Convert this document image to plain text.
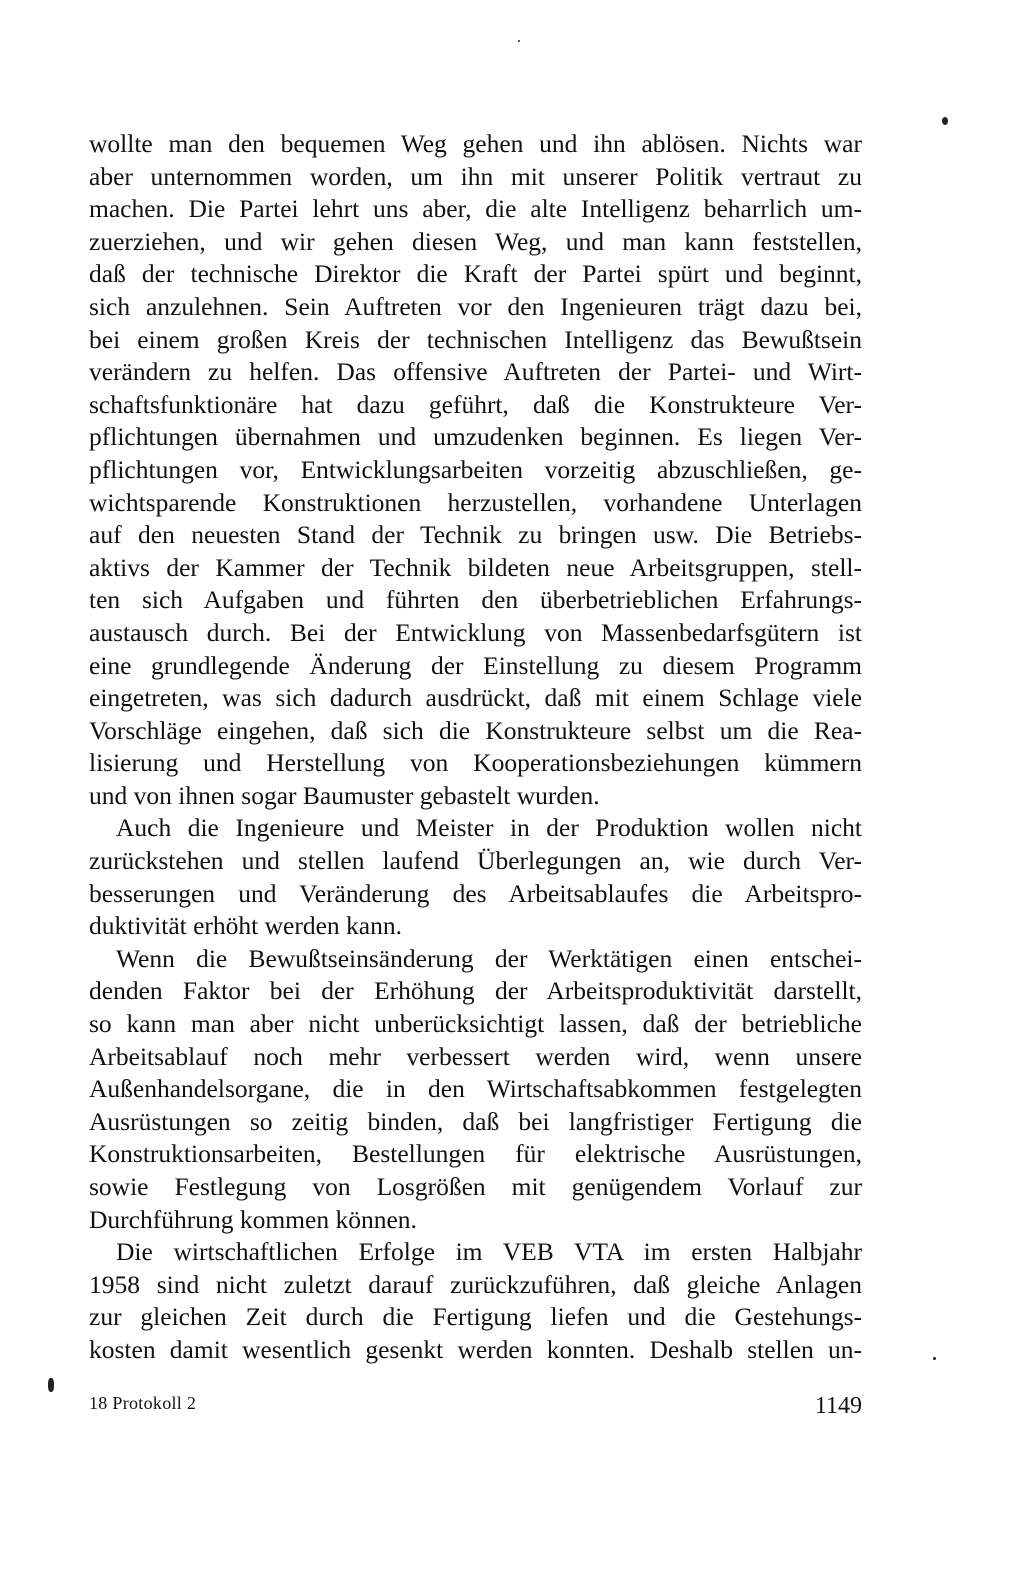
wollte man den bequemen Weg gehen und ihn ablösen. Nichts war
aber unternommen worden, um ihn mit unserer Politik vertraut zu
machen. Die Partei lehrt uns aber, die alte Intelligenz beharrlich um-
zuerziehen, und wir gehen diesen Weg, und man kann feststellen,
daß der technische Direktor die Kraft der Partei spürt und beginnt,
sich anzulehnen. Sein Auftreten vor den Ingenieuren trägt dazu bei,
bei einem großen Kreis der technischen Intelligenz das Bewußtsein
verändern zu helfen. Das offensive Auftreten der Partei- und Wirt-
schaftsfunktionäre hat dazu geführt, daß die Konstrukteure Ver-
pflichtungen übernahmen und umzudenken beginnen. Es liegen Ver-
pflichtungen vor, Entwicklungsarbeiten vorzeitig abzuschließen, ge-
wichtsparende Konstruktionen herzustellen, vorhandene Unterlagen
auf den neuesten Stand der Technik zu bringen usw. Die Betriebs-
aktivs der Kammer der Technik bildeten neue Arbeitsgruppen, stell-
ten sich Aufgaben und führten den überbetrieblichen Erfahrungs-
austausch durch. Bei der Entwicklung von Massenbedarfsgütern ist
eine grundlegende Änderung der Einstellung zu diesem Programm
eingetreten, was sich dadurch ausdrückt, daß mit einem Schlage viele
Vorschläge eingehen, daß sich die Konstrukteure selbst um die Rea-
lisierung und Herstellung von Kooperationsbeziehungen kümmern
und von ihnen sogar Baumuster gebastelt wurden.
Auch die Ingenieure und Meister in der Produktion wollen nicht
zurückstehen und stellen laufend Überlegungen an, wie durch Ver-
besserungen und Veränderung des Arbeitsablaufes die Arbeitspro-
duktivität erhöht werden kann.
Wenn die Bewußtseinsänderung der Werktätigen einen entschei-
denden Faktor bei der Erhöhung der Arbeitsproduktivität darstellt,
so kann man aber nicht unberücksichtigt lassen, daß der betriebliche
Arbeitsablauf noch mehr verbessert werden wird, wenn unsere
Außenhandelsorgane, die in den Wirtschaftsabkommen festgelegten
Ausrüstungen so zeitig binden, daß bei langfristiger Fertigung die
Konstruktionsarbeiten, Bestellungen für elektrische Ausrüstungen,
sowie Festlegung von Losgrößen mit genügendem Vorlauf zur
Durchführung kommen können.
Die wirtschaftlichen Erfolge im VEB VTA im ersten Halbjahr
1958 sind nicht zuletzt darauf zurückzuführen, daß gleiche Anlagen
zur gleichen Zeit durch die Fertigung liefen und die Gestehungs-
kosten damit wesentlich gesenkt werden konnten. Deshalb stellen un-
18 Protokoll 2	1149
